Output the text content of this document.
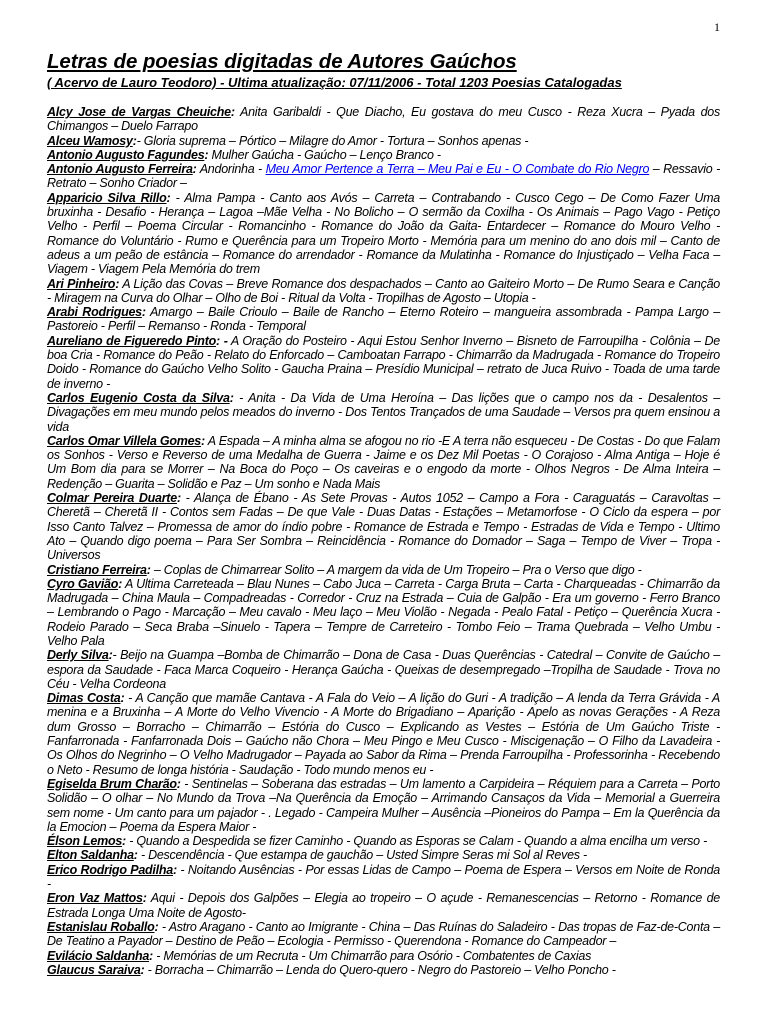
1
Letras de poesias digitadas de Autores Gaúchos
( Acervo de Lauro Teodoro) - Ultima atualização: 07/11/2006 - Total 1203 Poesias Catalogadas

Alcy Jose de Vargas Cheuiche: Anita Garibaldi - Que Diacho, Eu gostava do meu Cusco - Reza Xucra – Pyada dos Chimangos – Duelo Farrapo

Alceu Wamosy:- Gloria suprema – Pórtico – Milagre do Amor - Tortura – Sonhos apenas -

Antonio Augusto Fagundes: Mulher Gaúcha - Gaúcho – Lenço Branco -

Antonio Augusto Ferreira: Andorinha - Meu Amor Pertence a Terra – Meu Pai e Eu - O Combate do Rio Negro – Ressavio - Retrato – Sonho Criador –

Apparicio Silva Rillo: - Alma Pampa - Canto aos Avós – Carreta – Contrabando - Cusco Cego – De Como Fazer Uma bruxinha - Desafio - Herança – Lagoa –Mãe Velha - No Bolicho – O sermão da Coxilha - Os Animais – Pago Vago - Petiço Velho - Perfil – Poema Circular - Romancinho - Romance do João da Gaita- Entardecer – Romance do Mouro Velho - Romance do Voluntário - Rumo e Querência para um Tropeiro Morto - Memória para um menino do ano dois mil – Canto de adeus a um peão de estância – Romance do arrendador - Romance da Mulatinha - Romance do Injustiçado – Velha Faca – Viagem - Viagem Pela Memória do trem

Ari Pinheiro: A Lição das Covas – Breve Romance dos despachados – Canto ao Gaiteiro Morto – De Rumo Seara e Canção - Miragem na Curva do Olhar – Olho de Boi - Ritual da Volta - Tropilhas de Agosto – Utopia -

Arabi Rodrigues: Amargo – Baile Crioulo – Baile de Rancho – Eterno Roteiro – mangueira assombrada - Pampa Largo – Pastoreio - Perfil – Remanso - Ronda - Temporal

Aureliano de Figueredo Pinto: - A Oração do Posteiro - Aqui Estou Senhor Inverno – Bisneto de Farroupilha - Colônia – De boa Cria - Romance do Peão - Relato do Enforcado – Camboatan Farrapo - Chimarrão da Madrugada - Romance do Tropeiro Doido - Romance do Gaúcho Velho Solito - Gaucha Praina – Presídio Municipal – retrato de Juca Ruivo - Toada de uma tarde de inverno -

Carlos Eugenio Costa da Silva: - Anita - Da Vida de Uma Heroína – Das lições que o campo nos da - Desalentos – Divagações em meu mundo pelos meados do inverno - Dos Tentos Trançados de uma Saudade – Versos pra quem ensinou a vida

Carlos Omar Villela Gomes: A Espada – A minha alma se afogou no rio -E A terra não esqueceu - De Costas - Do que Falam os Sonhos - Verso e Reverso de uma Medalha de Guerra - Jaime e os Dez Mil Poetas - O Corajoso - Alma Antiga – Hoje é Um Bom dia para se Morrer – Na Boca do Poço – Os caveiras e o engodo da morte - Olhos Negros - De Alma Inteira – Redenção – Guarita – Solidão e Paz – Um sonho e Nada Mais

Colmar Pereira Duarte: - Alança de Ébano - As Sete Provas - Autos 1052 – Campo a Fora - Caraguatás – Caravoltas – Cheretã – Cheretã II - Contos sem Fadas – De que Vale - Duas Datas - Estações – Metamorfose - O Ciclo da espera – por Isso Canto Talvez – Promessa de amor do índio pobre - Romance de Estrada e Tempo - Estradas de Vida e Tempo - Ultimo Ato – Quando digo poema – Para Ser Sombra – Reincidência - Romance do Domador – Saga – Tempo de Viver – Tropa - Universos

Cristiano Ferreira: – Coplas de Chimarrear Solito – A margem da vida de Um Tropeiro – Pra o Verso que digo -

Cyro Gavião: A Ultima Carreteada – Blau Nunes – Cabo Juca – Carreta - Carga Bruta – Carta - Charqueadas - Chimarrão da Madrugada – China Maula – Compadreadas - Corredor - Cruz na Estrada – Cuia de Galpão - Era um governo - Ferro Branco – Lembrando o Pago - Marcação – Meu cavalo - Meu laço – Meu Violão - Negada - Pealo Fatal - Petiço – Querência Xucra - Rodeio Parado – Seca Braba –Sinuelo - Tapera – Tempre de Carreteiro - Tombo Feio – Trama Quebrada – Velho Umbu - Velho Pala

Derly Silva:- Beijo na Guampa –Bomba de Chimarrão – Dona de Casa - Duas Querências - Catedral – Convite de Gaúcho – espora da Saudade - Faca Marca Coqueiro - Herança Gaúcha - Queixas de desempregado –Tropilha de Saudade - Trova no Céu - Velha Cordeona

Dimas Costa: - A Canção que mamãe Cantava - A Fala do Veio – A lição do Guri - A tradição – A lenda da Terra Grávida - A menina e a Bruxinha – A Morte do Velho Vivencio - A Morte do Brigadiano – Aparição - Apelo as novas Gerações - A Reza dum Grosso – Borracho – Chimarrão – Estória do Cusco – Explicando as Vestes – Estória de Um Gaúcho Triste - Fanfarronada - Fanfarronada Dois – Gaúcho não Chora – Meu Pingo e Meu Cusco - Miscigenação – O Filho da Lavadeira - Os Olhos do Negrinho – O Velho Madrugador – Payada ao Sabor da Rima – Prenda Farroupilha - Professorinha - Recebendo o Neto - Resumo de longa história - Saudação - Todo mundo menos eu -

Egiselda Brum Charão: - Sentinelas – Soberana das estradas – Um lamento a Carpideira – Réquiem para a Carreta – Porto Solidão – O olhar – No Mundo da Trova –Na Querência da Emoção – Arrimando Cansaços da Vida – Memorial a Guerreira sem nome - Um canto para um pajador - . Legado - Campeira Mulher – Ausência –Pioneiros do Pampa – Em la Querência da la Emocion – Poema da Espera Maior -

Élson Lemos: - Quando a Despedida se fizer Caminho - Quando as Esporas se Calam - Quando a alma encilha um verso -

Elton Saldanha: - Descendência - Que estampa de gauchão – Usted Simpre Seras mi Sol al Reves -

Erico Rodrigo Padilha: - Noitando Ausências - Por essas Lidas de Campo – Poema de Espera – Versos em Noite de Ronda -

Eron Vaz Mattos: Aqui - Depois dos Galpões – Elegia ao tropeiro – O açude - Remanescencias – Retorno - Romance de Estrada Longa Uma Noite de Agosto-

Estanislau Roballo: - Astro Aragano - Canto ao Imigrante - China – Das Ruínas do Saladeiro - Das tropas de Faz-de-Conta – De Teatino a Payador – Destino de Peão – Ecologia - Permisso - Querendona - Romance do Campeador –

Evilácio Saldanha: - Memórias de um Recruta - Um Chimarrão para Osório - Combatentes de Caxias

Glaucus Saraiva: - Borracha – Chimarrão – Lenda do Quero-quero - Negro do Pastoreio – Velho Poncho -
